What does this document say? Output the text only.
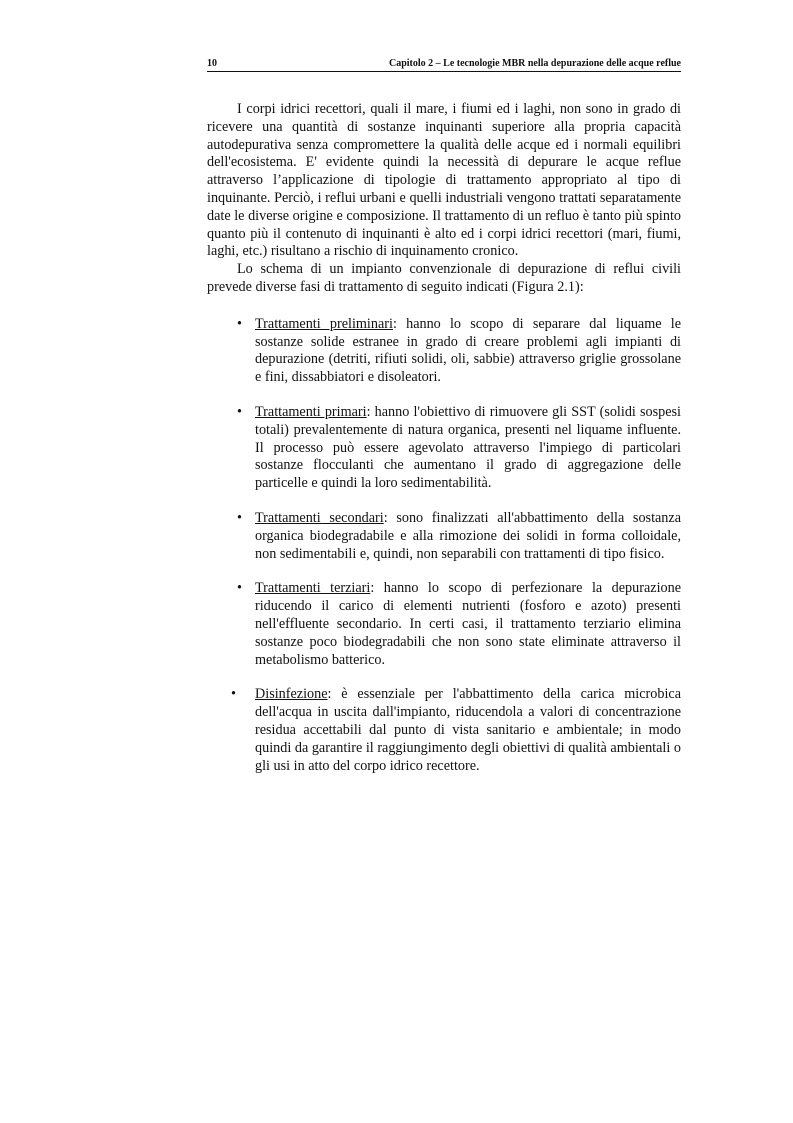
10	Capitolo 2 – Le tecnologie MBR nella depurazione delle acque reflue

I corpi idrici recettori, quali il mare, i fiumi ed i laghi, non sono in grado di ricevere una quantità di sostanze inquinanti superiore alla propria capacità autodepurativa senza compromettere la qualità delle acque ed i normali equilibri dell'ecosistema. E' evidente quindi la necessità di depurare le acque reflue attraverso l’applicazione di tipologie di trattamento appropriato al tipo di inquinante. Perciò, i reflui urbani e quelli industriali vengono trattati separatamente date le diverse origine e composizione. Il trattamento di un refluo è tanto più spinto quanto più il contenuto di inquinanti è alto ed i corpi idrici recettori (mari, fiumi, laghi, etc.) risultano a rischio di inquinamento cronico.

Lo schema di un impianto convenzionale di depurazione di reflui civili prevede diverse fasi di trattamento di seguito indicati (Figura 2.1):

• Trattamenti preliminari: hanno lo scopo di separare dal liquame le sostanze solide estranee in grado di creare problemi agli impianti di depurazione (detriti, rifiuti solidi, oli, sabbie) attraverso griglie grossolane e fini, dissabbiatori e disoleatori.
• Trattamenti primari: hanno l'obiettivo di rimuovere gli SST (solidi sospesi totali) prevalentemente di natura organica, presenti nel liquame influente. Il processo può essere agevolato attraverso l'impiego di particolari sostanze flocculanti che aumentano il grado di aggregazione delle particelle e quindi la loro sedimentabilità.
• Trattamenti secondari: sono finalizzati all'abbattimento della sostanza organica biodegradabile e alla rimozione dei solidi in forma colloidale, non sedimentabili e, quindi, non separabili con trattamenti di tipo fisico.
• Trattamenti terziari: hanno lo scopo di perfezionare la depurazione riducendo il carico di elementi nutrienti (fosforo e azoto) presenti nell'effluente secondario. In certi casi, il trattamento terziario elimina sostanze poco biodegradabili che non sono state eliminate attraverso il metabolismo batterico.
• Disinfezione: è essenziale per l'abbattimento della carica microbica dell'acqua in uscita dall'impianto, riducendola a valori di concentrazione residua accettabili dal punto di vista sanitario e ambientale; in modo quindi da garantire il raggiungimento degli obiettivi di qualità ambientali o gli usi in atto del corpo idrico recettore.
